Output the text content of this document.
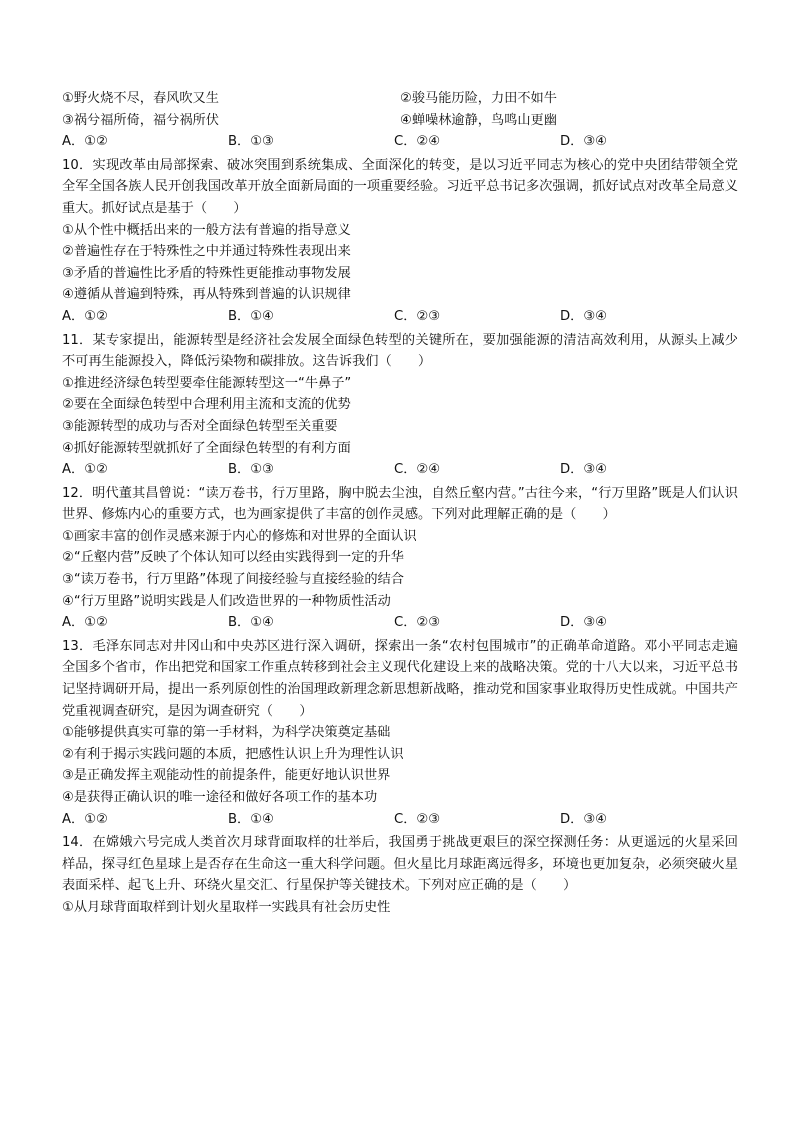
①野火烧不尽，春风吹又生	②骏马能历险，力田不如牛
③祸兮福所倚，福兮祸所伏	④蝉噪林逾静，鸟鸣山更幽
A．①②	B．①③	C．②④	D．③④
10．实现改革由局部探索、破冰突围到系统集成、全面深化的转变，是以习近平同志为核心的党中央团结带领全党全军全国各族人民开创我国改革开放全面新局面的一项重要经验。习近平总书记多次强调，抓好试点对改革全局意义重大。抓好试点是基于（　　）
①从个性中概括出来的一般方法有普遍的指导意义
②普遍性存在于特殊性之中并通过特殊性表现出来
③矛盾的普遍性比矛盾的特殊性更能推动事物发展
④遵循从普遍到特殊，再从特殊到普遍的认识规律
A．①②	B．①④	C．②③	D．③④
11．某专家提出，能源转型是经济社会发展全面绿色转型的关键所在，要加强能源的清洁高效利用，从源头上减少不可再生能源投入，降低污染物和碳排放。这告诉我们（　　）
①推进经济绿色转型要牵住能源转型这一“牛鼻子”
②要在全面绿色转型中合理利用主流和支流的优势
③能源转型的成功与否对全面绿色转型至关重要
④抓好能源转型就抓好了全面绿色转型的有利方面
A．①②	B．①③	C．②④	D．③④
12．明代董其昌曾说：“读万卷书，行万里路，胸中脱去尘浊，自然丘壑内营。”古往今来，“行万里路”既是人们认识世界、修炼内心的重要方式，也为画家提供了丰富的创作灵感。下列对此理解正确的是（　　）
①画家丰富的创作灵感来源于内心的修炼和对世界的全面认识
②“丘壑内营”反映了个体认知可以经由实践得到一定的升华
③“读万卷书，行万里路”体现了间接经验与直接经验的结合
④“行万里路”说明实践是人们改造世界的一种物质性活动
A．①②	B．①④	C．②③	D．③④
13．毛泽东同志对井冈山和中央苏区进行深入调研，探索出一条“农村包围城市”的正确革命道路。邓小平同志走遍全国多个省市，作出把党和国家工作重点转移到社会主义现代化建设上来的战略决策。党的十八大以来，习近平总书记坚持调研开局，提出一系列原创性的治国理政新理念新思想新战略，推动党和国家事业取得历史性成就。中国共产党重视调查研究，是因为调查研究（　　）
①能够提供真实可靠的第一手材料，为科学决策奠定基础
②有利于揭示实践问题的本质，把感性认识上升为理性认识
③是正确发挥主观能动性的前提条件，能更好地认识世界
④是获得正确认识的唯一途径和做好各项工作的基本功
A．①②	B．①④	C．②③	D．③④
14．在嫦娥六号完成人类首次月球背面取样的壮举后，我国勇于挑战更艰巨的深空探测任务：从更遥远的火星采回样品，探寻红色星球上是否存在生命这一重大科学问题。但火星比月球距离远得多，环境也更加复杂，必须突破火星表面采样、起飞上升、环绕火星交汇、行星保护等关键技术。下列对应正确的是（　　）
①从月球背面取样到计划火星取样一实践具有社会历史性
